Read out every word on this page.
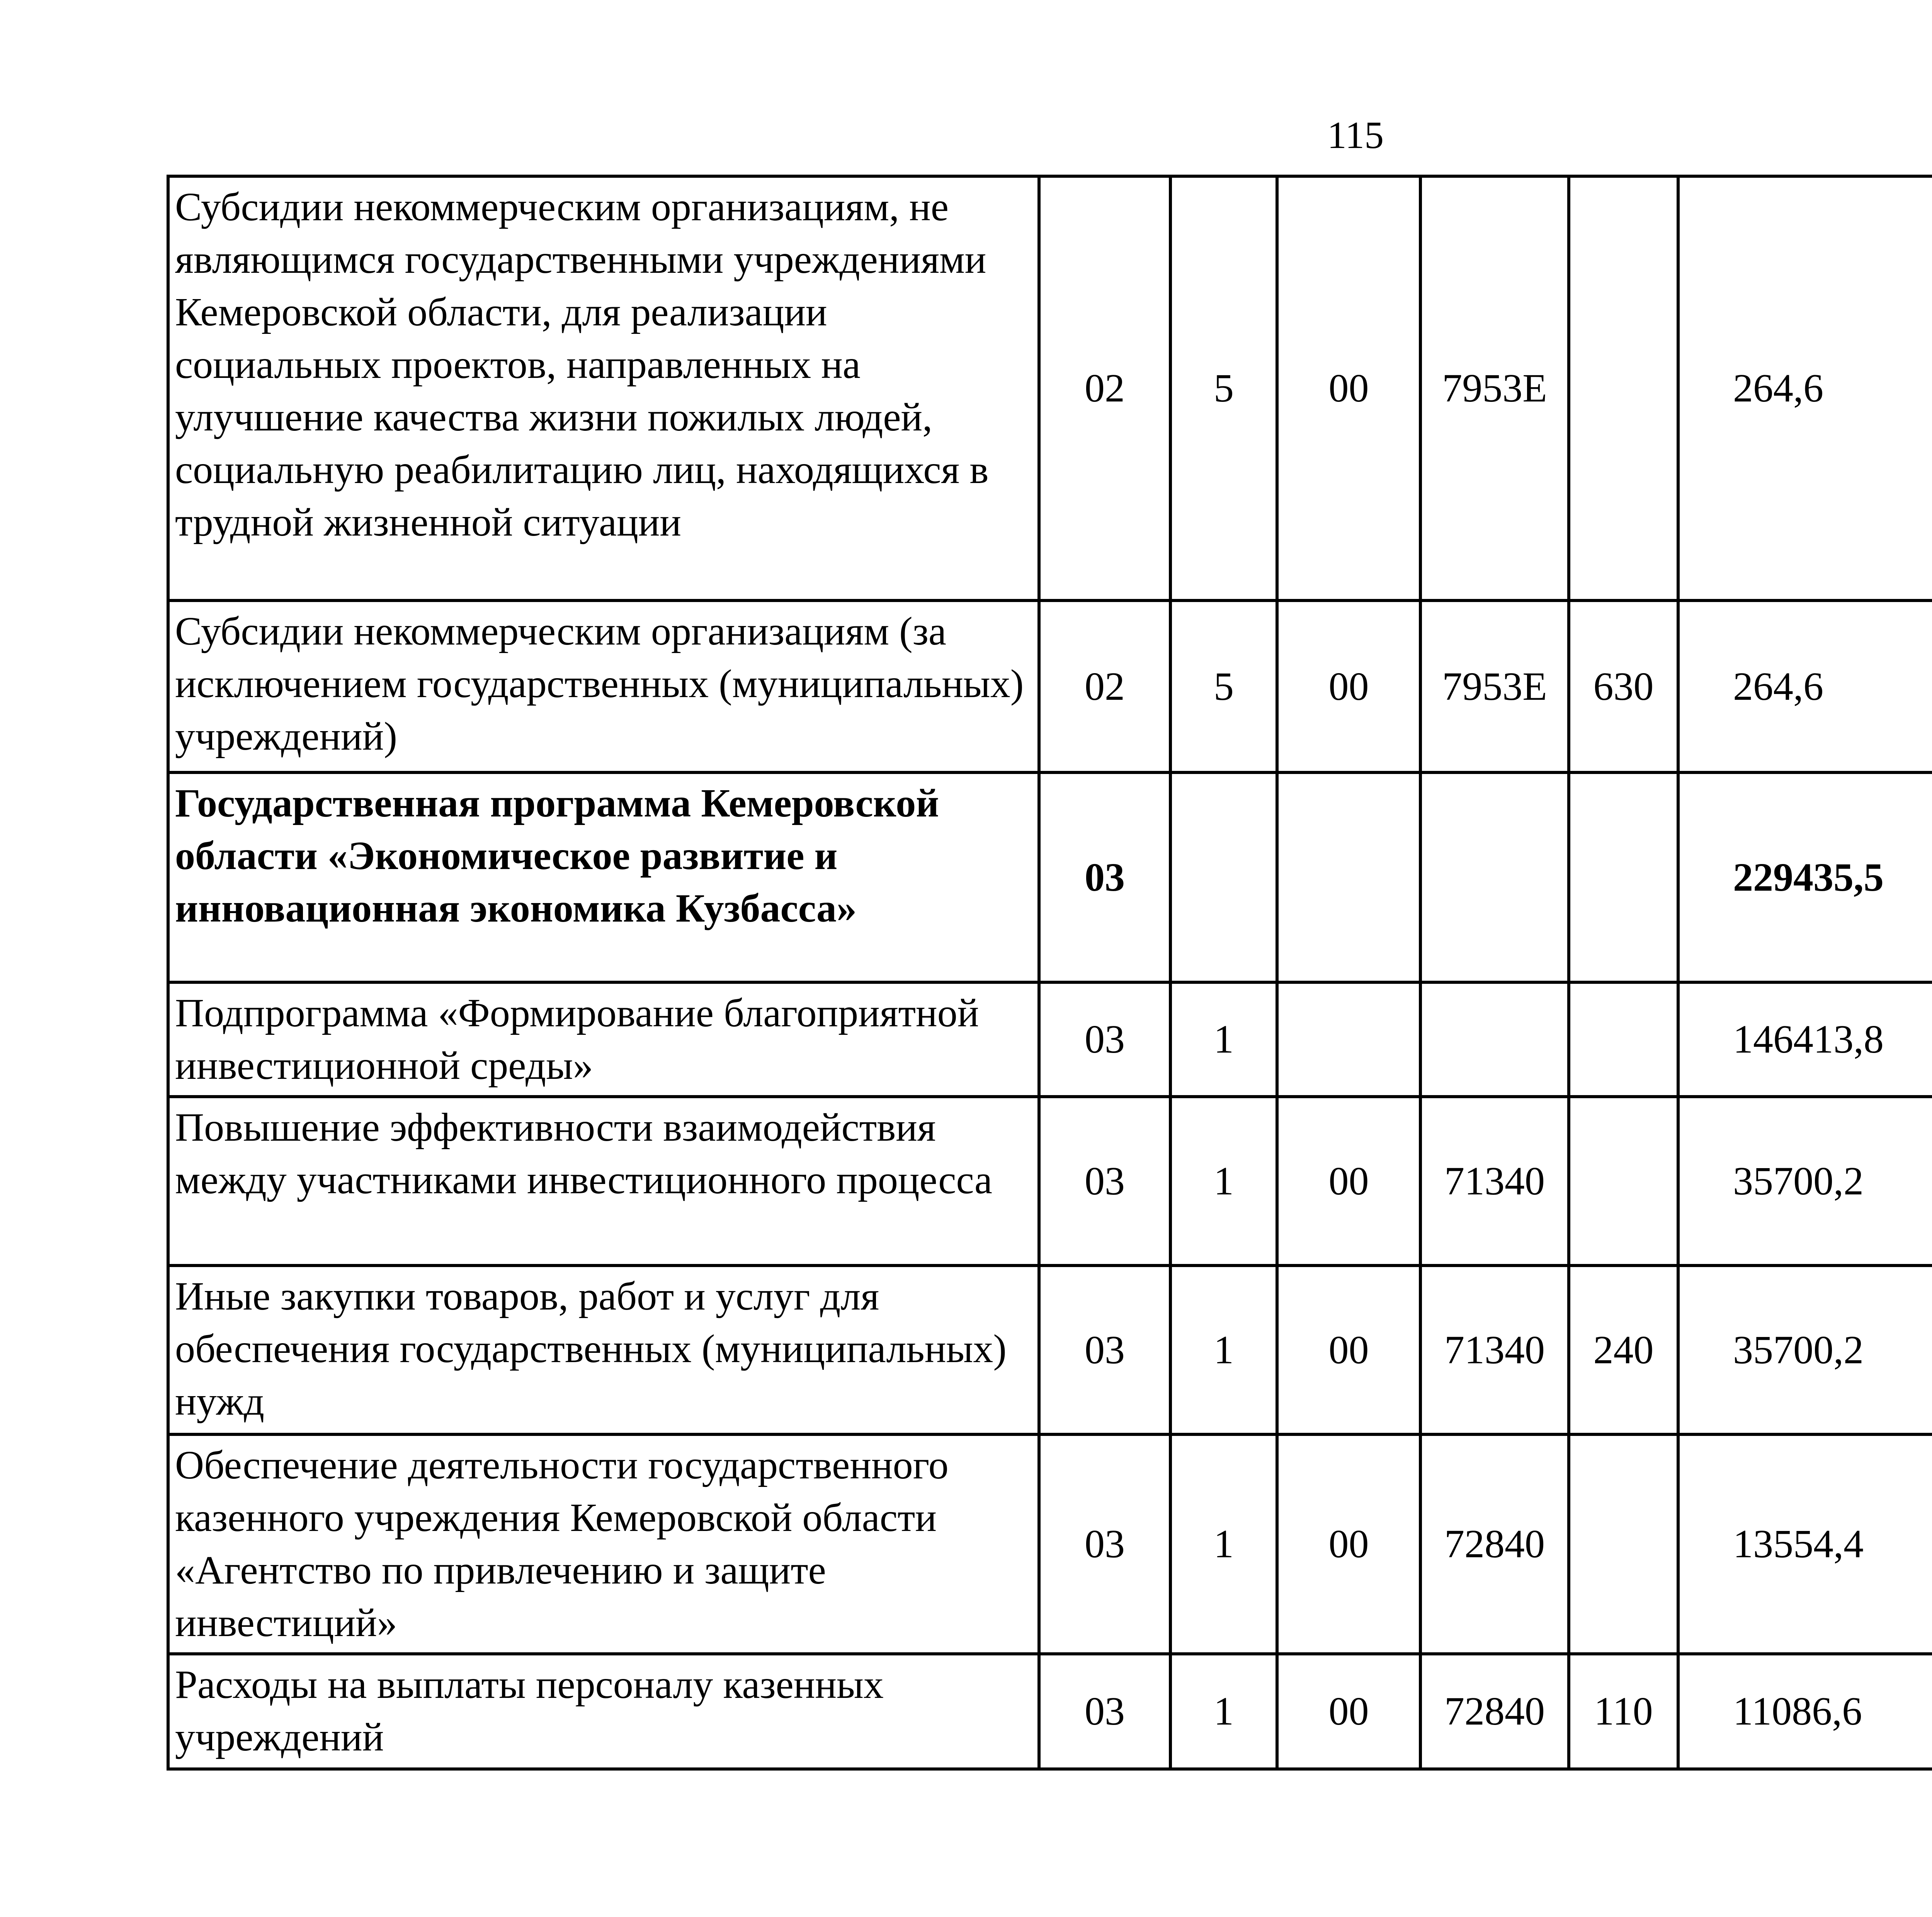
115
Субсидии некоммерческим организациям, не являющимся государственными учреждениями Кемеровской области, для реализации социальных проектов, направленных на улучшение качества жизни пожилых людей, социальную реабилитацию лиц, находящихся в трудной жизненной ситуации	02	5	00	7953Е		264,6		
Субсидии некоммерческим организациям (за исключением государственных (муниципальных) учреждений)	02	5	00	7953Е	630	264,6		
Государственная программа Кемеровской области «Экономическое развитие и инновационная экономика Кузбасса»	03					229435,5		
Подпрограмма «Формирование благоприятной инвестиционной среды»	03	1				146413,8		
Повышение эффективности взаимодействия между участниками инвестиционного процесса	03	1	00	71340		35700,2		
Иные закупки товаров, работ и услуг для обеспечения государственных (муниципальных) нужд	03	1	00	71340	240	35700,2		
Обеспечение деятельности государственного казенного учреждения Кемеровской области «Агентство по привлечению и защите инвестиций»	03	1	00	72840		13554,4		
Расходы на выплаты персоналу казенных учреждений	03	1	00	72840	110	11086,6		
